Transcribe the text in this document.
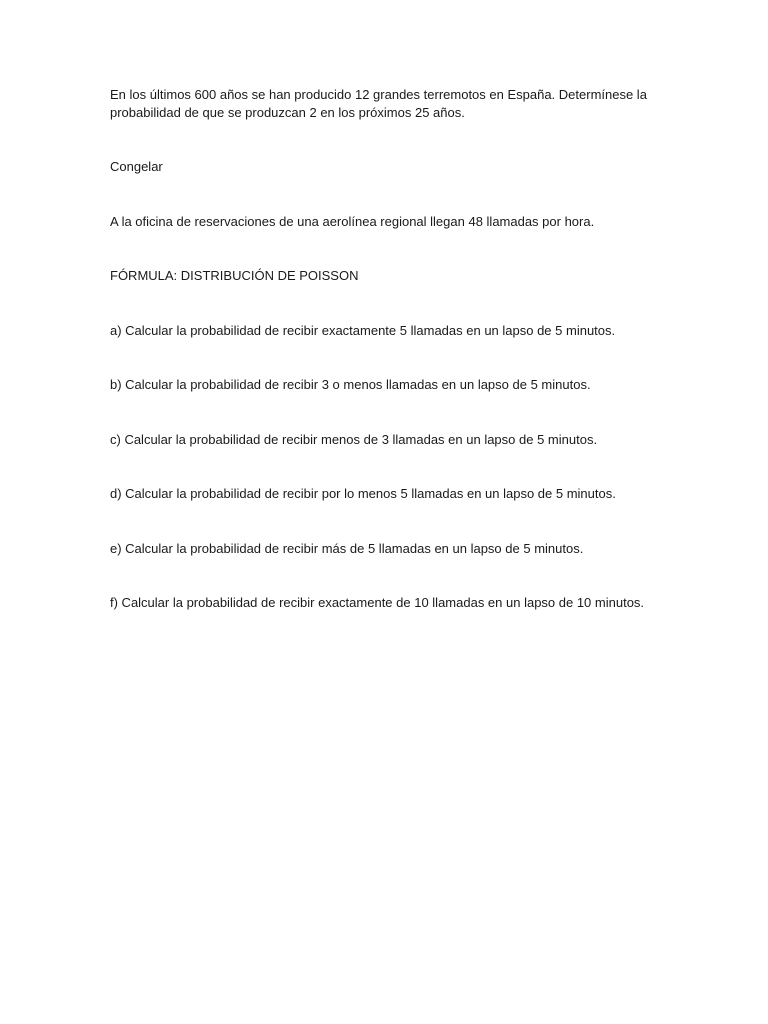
En los últimos 600 años se han producido 12 grandes terremotos en España. Determínese la probabilidad de que se produzcan 2 en los próximos 25 años.

Congelar

A la oficina de reservaciones de una aerolínea regional llegan 48 llamadas por hora.

FÓRMULA: DISTRIBUCIÓN DE POISSON

a) Calcular la probabilidad de recibir exactamente 5 llamadas en un lapso de 5 minutos.

b) Calcular la probabilidad de recibir 3 o menos llamadas en un lapso de 5 minutos.

c) Calcular la probabilidad de recibir menos de 3 llamadas en un lapso de 5 minutos.

d) Calcular la probabilidad de recibir por lo menos 5 llamadas en un lapso de 5 minutos.

e) Calcular la probabilidad de recibir más de 5 llamadas en un lapso de 5 minutos.

f) Calcular la probabilidad de recibir exactamente de 10 llamadas en un lapso de 10 minutos.
